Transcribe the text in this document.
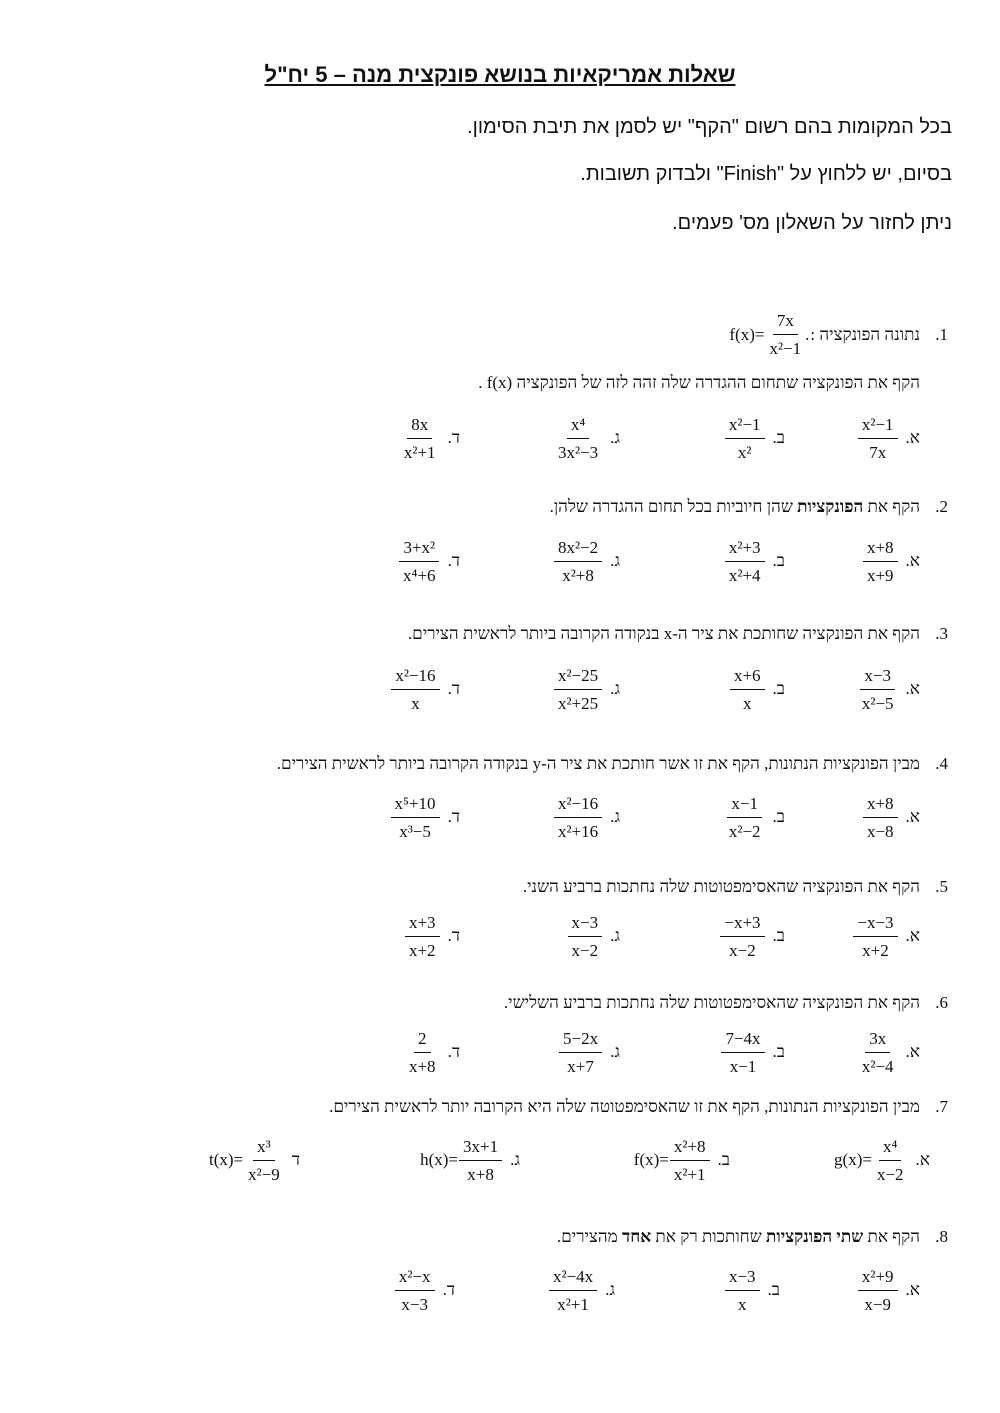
שאלות אמריקאיות בנושא פונקצית מנה – 5 יח"ל
בכל המקומות בהם רשום "הקף" יש לסמן את תיבת הסימון.
בסיום, יש ללחוץ על "Finish" ולבדוק תשובות.
ניתן לחזור על השאלון מס' פעמים.
1.
נתונה הפונקציה :
$f(x)= \frac{7x}{\text{x²−1}}$ .
הקף את הפונקציה שתחום ההגדרה שלה זהה לזה של הפונקציה f(x) .
א.
$\frac{\text{x²−1}}{7x}$
ב.
$\frac{\text{x²−1}}{\text{x²}}$
ג.
$\frac{\text{x⁴}}{\text{3x²−3}}$
ד.
$\frac{8x}{\text{x²+1}}$
2.
הקף את הפונקציות שהן חיוביות בכל תחום ההגדרה שלהן.
א.
$\frac{x+8}{x+9}$
ב.
$\frac{\text{x²+3}}{\text{x²+4}}$
ג.
$\frac{\text{8x²−2}}{\text{x²+8}}$
ד.
$\frac{\text{3+x²}}{\text{x⁴+6}}$
3.
הקף את הפונקציה שחותכת את ציר ה-x בנקודה הקרובה ביותר לראשית הצירים.
א.
$\frac{x-3}{\text{x²−5}}$
ב.
$\frac{x+6}{x}$
ג.
$\frac{\text{x²−25}}{\text{x²+25}}$
ד.
$\frac{\text{x²−16}}{x}$
4.
מבין הפונקציות הנתונות, הקף את זו אשר חותכת את ציר ה-y בנקודה הקרובה ביותר לראשית הצירים.
א.
$\frac{x+8}{x-8}$
ב.
$\frac{x-1}{\text{x²−2}}$
ג.
$\frac{\text{x²−16}}{\text{x²+16}}$
ד.
$\frac{\text{x⁵+10}}{\text{x³−5}}$
5.
הקף את הפונקציה שהאסימפטוטות שלה נחתכות ברביע השני.
א.
$\frac{-x-3}{x+2}$
ב.
$\frac{-x+3}{x-2}$
ג.
$\frac{x-3}{x-2}$
ד.
$\frac{x+3}{x+2}$
6.
הקף את הפונקציה שהאסימפטוטות שלה נחתכות ברביע השלישי.
א.
$\frac{3x}{\text{x²−4}}$
ב.
$\frac{7-4x}{x-1}$
ג.
$\frac{5-2x}{x+7}$
ד.
$\frac{2}{x+8}$
7.
מבין הפונקציות הנתונות, הקף את זו שהאסימפטוטה שלה היא הקרובה יותר לראשית הצירים.
א.
$\frac{\text{x⁴}}{x-2}$
g(x)=
ב.
$\frac{\text{x²+8}}{\text{x²+1}}$
f(x)=
ג.
$\frac{3x+1}{x+8}$
h(x)=
ד
$\frac{\text{x³}}{\text{x²−9}}$
t(x)=
8.
הקף את שתי הפונקציות שחותכות רק את אחד מהצירים.
א.
$\frac{\text{x²+9}}{x-9}$
ב.
$\frac{x-3}{x}$
ג.
$\frac{\text{x²−4x}}{\text{x²+1}}$
ד.
$\frac{\text{x²−x}}{x-3}$
